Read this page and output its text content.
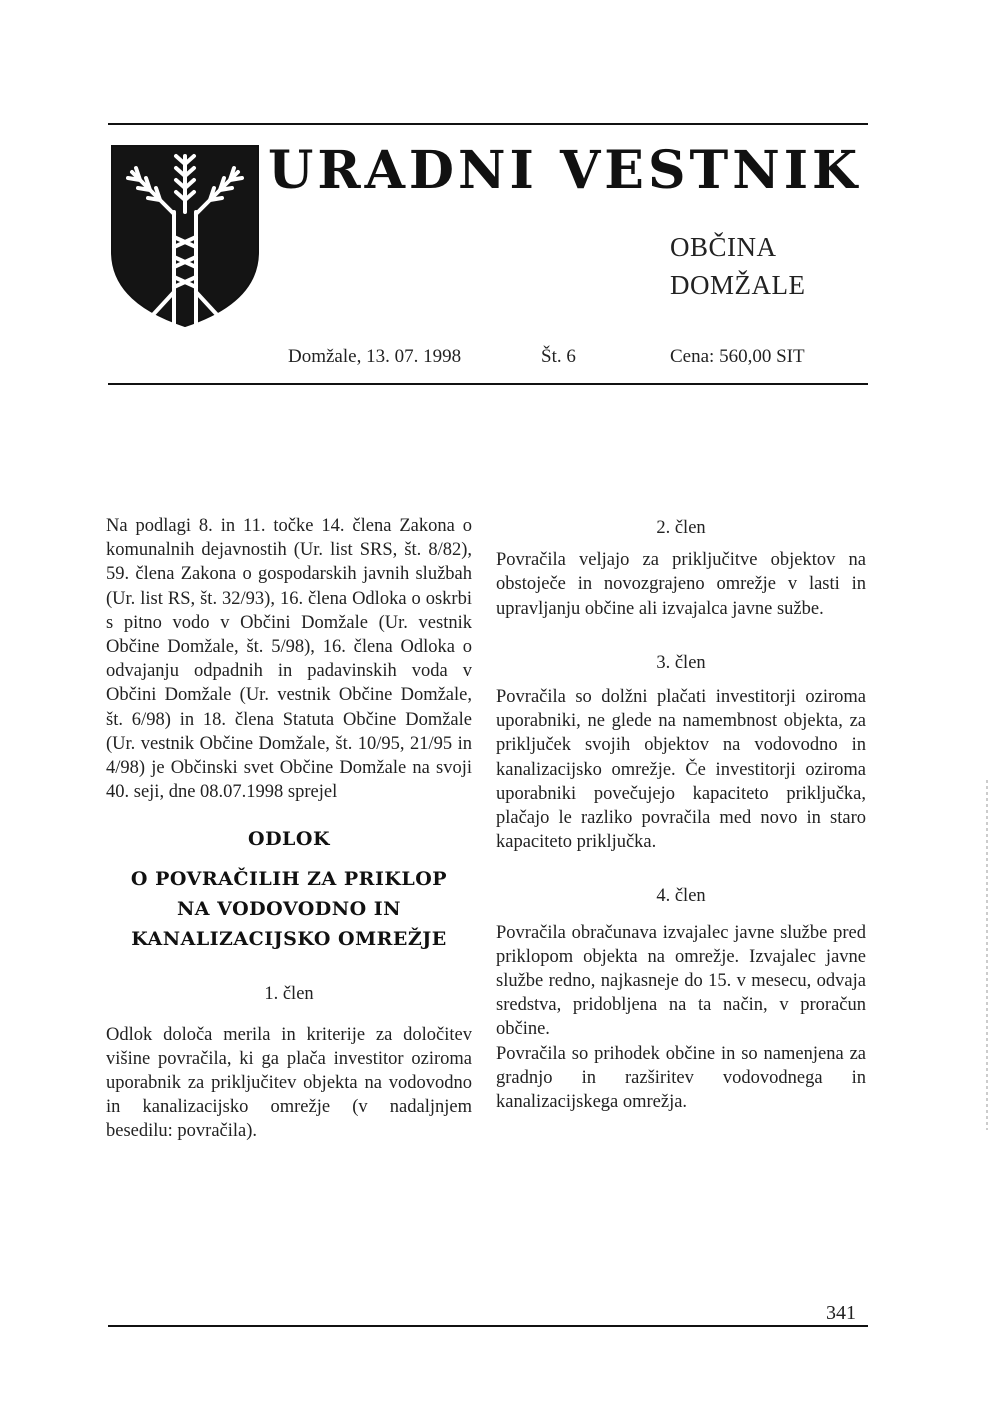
URADNI VESTNIK
OBČINA
DOMŽALE
Domžale, 13. 07. 1998	Št. 6	Cena: 560,00 SIT

Na podlagi 8. in 11. točke 14. člena Zakona o komunalnih dejavnostih (Ur. list SRS, št. 8/82), 59. člena Zakona o gospodarskih javnih službah (Ur. list RS, št. 32/93), 16. člena Odloka o oskrbi s pitno vodo v Občini Domžale (Ur. vestnik Občine Domžale, št. 5/98), 16. člena Odloka o odvajanju odpadnih in padavinskih voda v Občini Domžale (Ur. vestnik Občine Domžale, št. 6/98) in 18. člena Statuta Občine Domžale (Ur. vestnik Občine Domžale, št. 10/95, 21/95 in 4/98) je Občinski svet Občine Domžale na svoji 40. seji, dne 08.07.1998 sprejel

ODLOK
O POVRAČILIH ZA PRIKLOP
NA VODOVODNO IN
KANALIZACIJSKO OMREŽJE

1. člen

Odlok določa merila in kriterije za določitev višine povračila, ki ga plača investitor oziroma uporabnik za priključitev objekta na vodovodno in kanalizacijsko omrežje (v nadaljnjem besedilu: povračila).

2. člen

Povračila veljajo za priključitve objektov na obstoječe in novozgrajeno omrežje v lasti in upravljanju občine ali izvajalca javne sužbe.

3. člen

Povračila so dolžni plačati investitorji oziroma uporabniki, ne glede na namembnost objekta, za priključek svojih objektov na vodovodno in kanalizacijsko omrežje. Če investitorji oziroma uporabniki povečujejo kapaciteto priključka, plačajo le razliko povračila med novo in staro kapaciteto priključka.

4. člen

Povračila obračunava izvajalec javne službe pred priklopom objekta na omrežje. Izvajalec javne službe redno, najkasneje do 15. v mesecu, odvaja sredstva, pridobljena na ta način, v proračun občine.

Povračila so prihodek občine in so namenjena za gradnjo in razširitev vodovodnega in kanalizacijskega omrežja.

341
